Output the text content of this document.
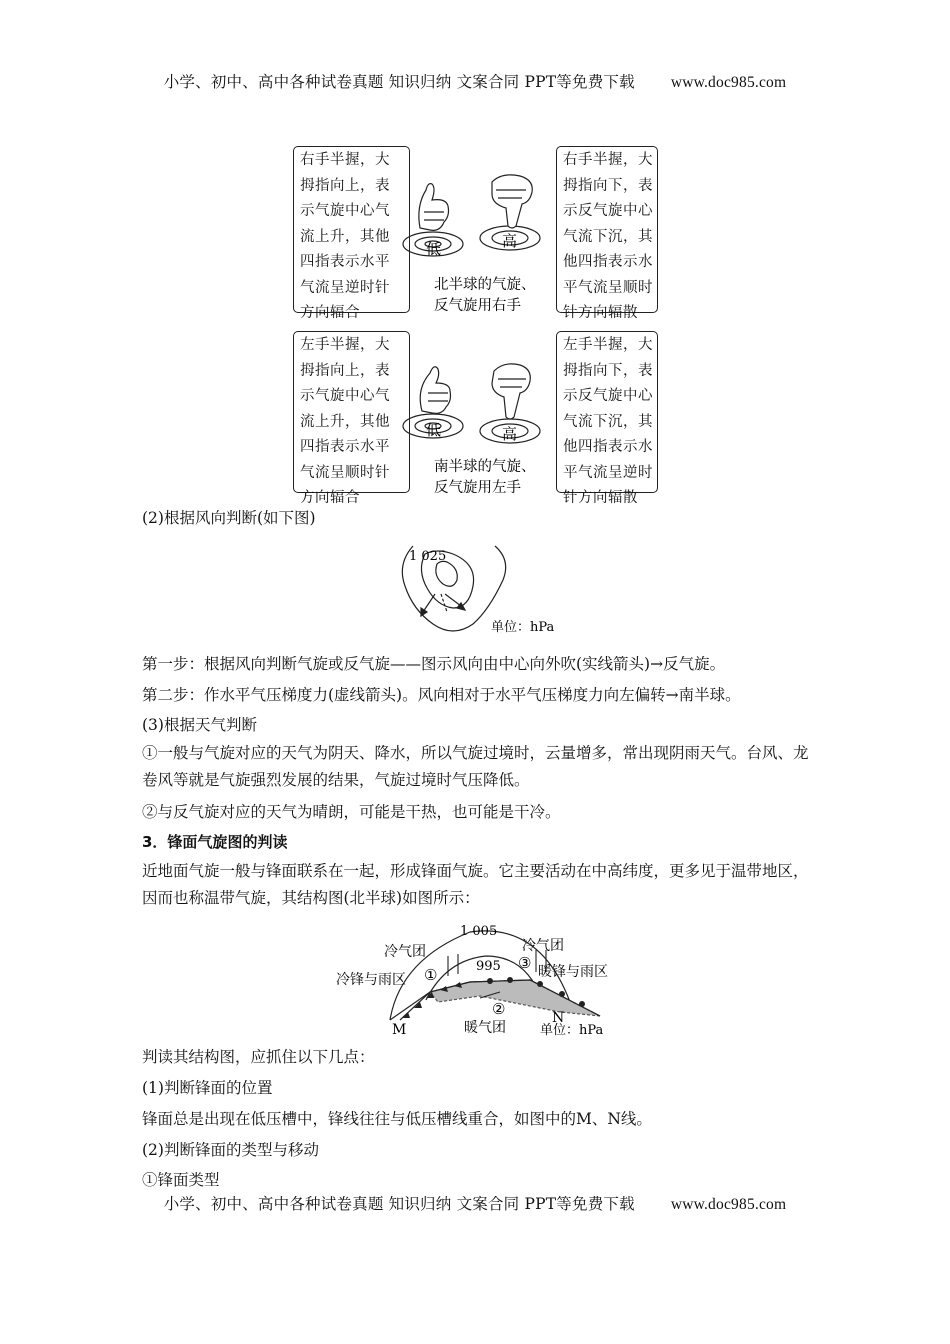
小学、初中、高中各种试卷真题 知识归纳 文案合同 PPT等免费下载 www.doc985.com
右手半握，大
拇指向上，表
示气旋中心气
流上升，其他
四指表示水平
气流呈逆时针
方向辐合
右手半握，大
拇指向下，表
示反气旋中心
气流下沉，其
他四指表示水
平气流呈顺时
针方向辐散
低	高
北半球的气旋、
反气旋用右手
左手半握，大
拇指向上，表
示气旋中心气
流上升，其他
四指表示水平
气流呈顺时针
方向辐合
左手半握，大
拇指向下，表
示反气旋中心
气流下沉，其
他四指表示水
平气流呈逆时
针方向辐散
低	高
南半球的气旋、
反气旋用左手
(2)根据风向判断(如下图)
1 025
单位：hPa
第一步：根据风向判断气旋或反气旋——图示风向由中心向外吹(实线箭头)→反气旋。
第二步：作水平气压梯度力(虚线箭头)。风向相对于水平气压梯度力向左偏转→南半球。
(3)根据天气判断
①一般与气旋对应的天气为阴天、降水，所以气旋过境时，云量增多，常出现阴雨天气。台风、龙卷风等就是气旋强烈发展的结果，气旋过境时气压降低。
②与反气旋对应的天气为晴朗，可能是干热，也可能是干冷。
3．锋面气旋图的判读
近地面气旋一般与锋面联系在一起，形成锋面气旋。它主要活动在中高纬度，更多见于温带地区，因而也称温带气旋，其结构图(北半球)如图所示：
1 005
995
冷气团	冷气团
冷锋与雨区	暖锋与雨区
暖气团
①
②
③
M
N
单位：hPa
判读其结构图，应抓住以下几点：
(1)判断锋面的位置
锋面总是出现在低压槽中，锋线往往与低压槽线重合，如图中的M、N线。
(2)判断锋面的类型与移动
①锋面类型
小学、初中、高中各种试卷真题 知识归纳 文案合同 PPT等免费下载 www.doc985.com
